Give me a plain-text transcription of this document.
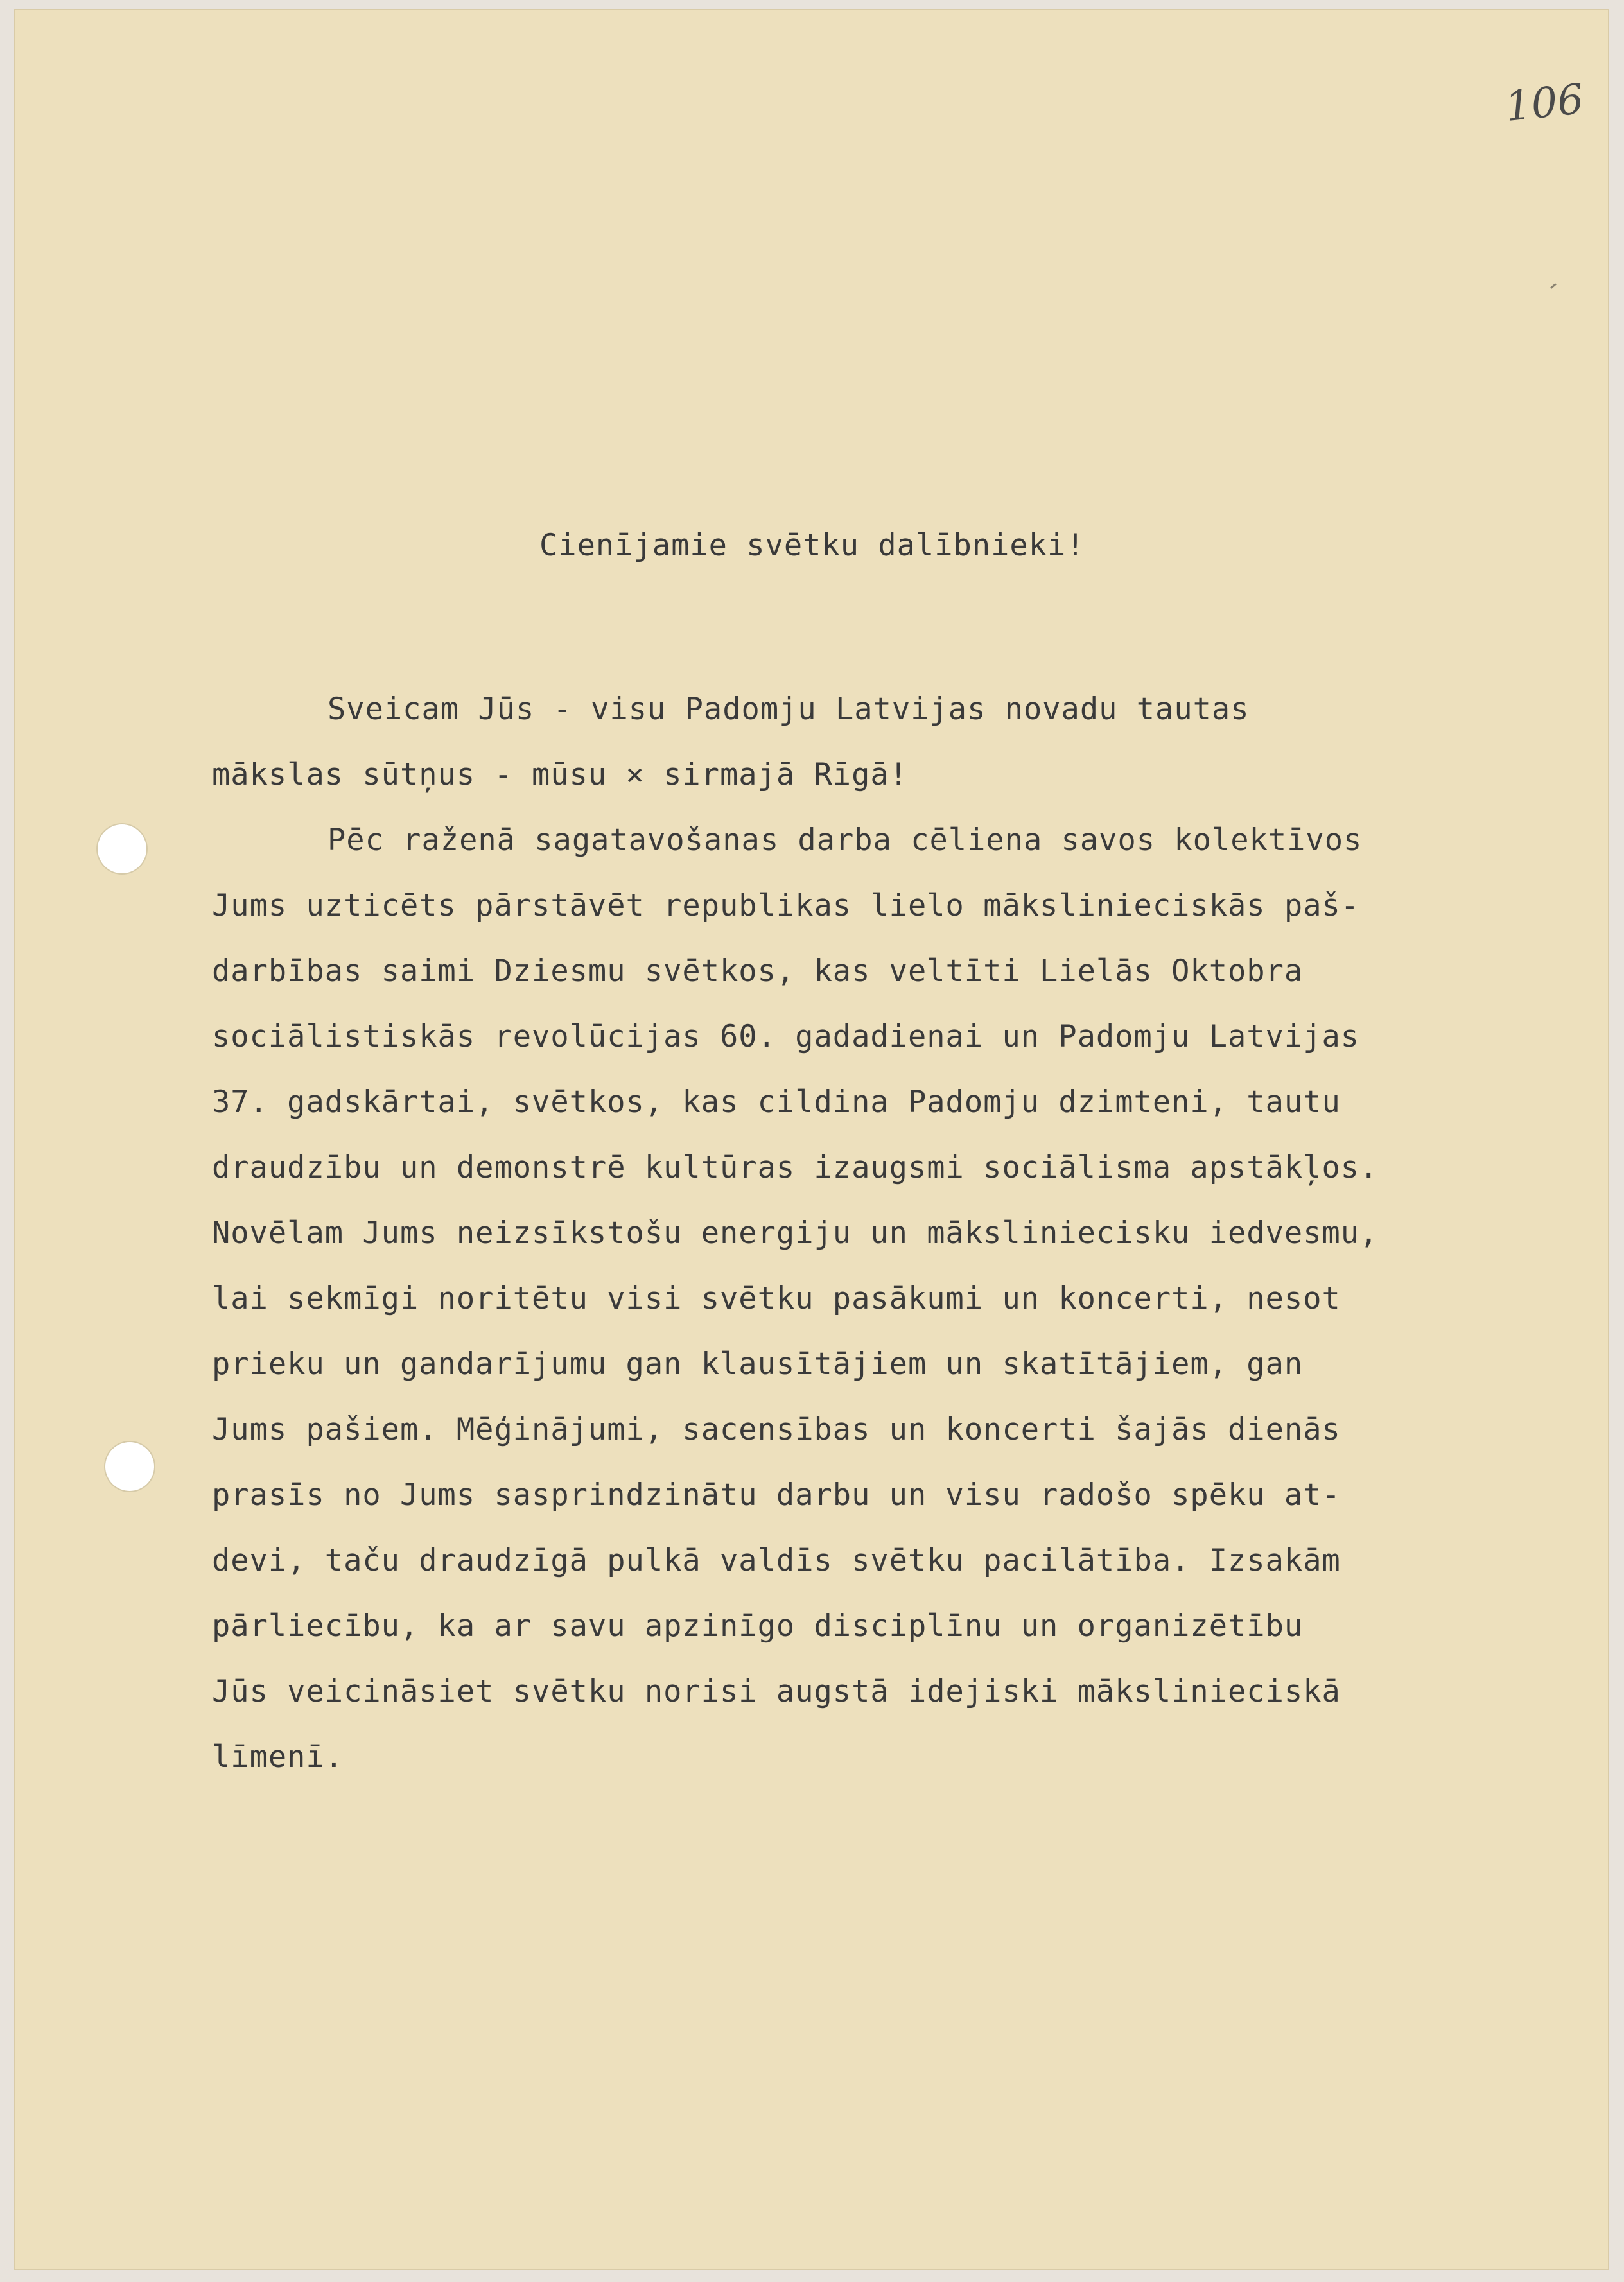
106
Cienījamie svētku dalībnieki!
Sveicam Jūs - visu Padomju Latvijas novadu tautas
mākslas sūtņus - mūsu ⨯ sirmajā Rīgā!
Pēc raženā sagatavošanas darba cēliena savos kolektīvos
Jums uzticēts pārstāvēt republikas lielo mākslinieciskās paš-
darbības saimi Dziesmu svētkos, kas veltīti Lielās Oktobra
sociālistiskās revolūcijas 60. gadadienai un Padomju Latvijas
37. gadskārtai, svētkos, kas cildina Padomju dzimteni, tautu
draudzību un demonstrē kultūras izaugsmi sociālisma apstākļos.
Novēlam Jums neizsīkstošu energiju un māksliniecisku iedvesmu,
lai sekmīgi noritētu visi svētku pasākumi un koncerti, nesot
prieku un gandarījumu gan klausītājiem un skatītājiem, gan
Jums pašiem. Mēģinājumi, sacensības un koncerti šajās dienās
prasīs no Jums sasprindzinātu darbu un visu radošo spēku at-
devi, taču draudzīgā pulkā valdīs svētku pacilātība. Izsakām
pārliecību, ka ar savu apzinīgo disciplīnu un organizētību
Jūs veicināsiet svētku norisi augstā idejiski mākslinieciskā
līmenī.
